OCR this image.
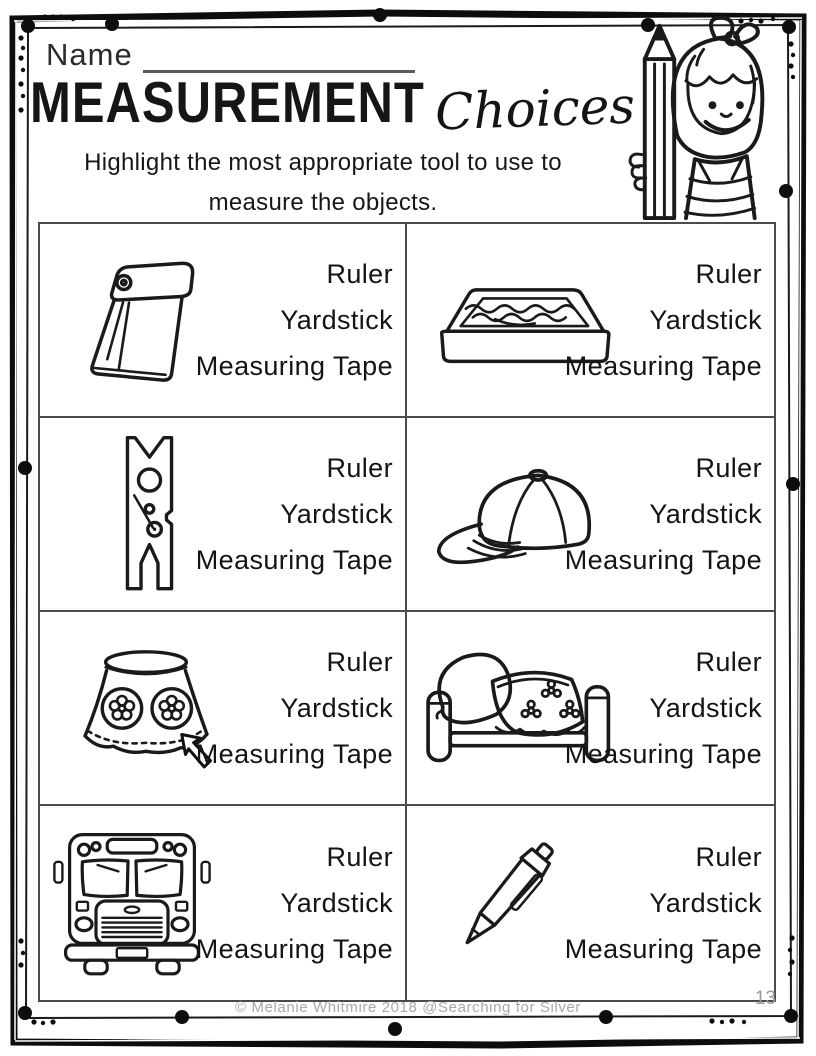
Name
MEASUREMENT Choices
Highlight the most appropriate tool to use to
measure the objects.
Ruler
Yardstick
Measuring Tape
Ruler
Yardstick
Measuring Tape
Ruler
Yardstick
Measuring Tape
Ruler
Yardstick
Measuring Tape
Ruler
Yardstick
Measuring Tape
Ruler
Yardstick
Measuring Tape
Ruler
Yardstick
Measuring Tape
Ruler
Yardstick
Measuring Tape
© Melanie Whitmire 2018 @Searching for Silver	13
